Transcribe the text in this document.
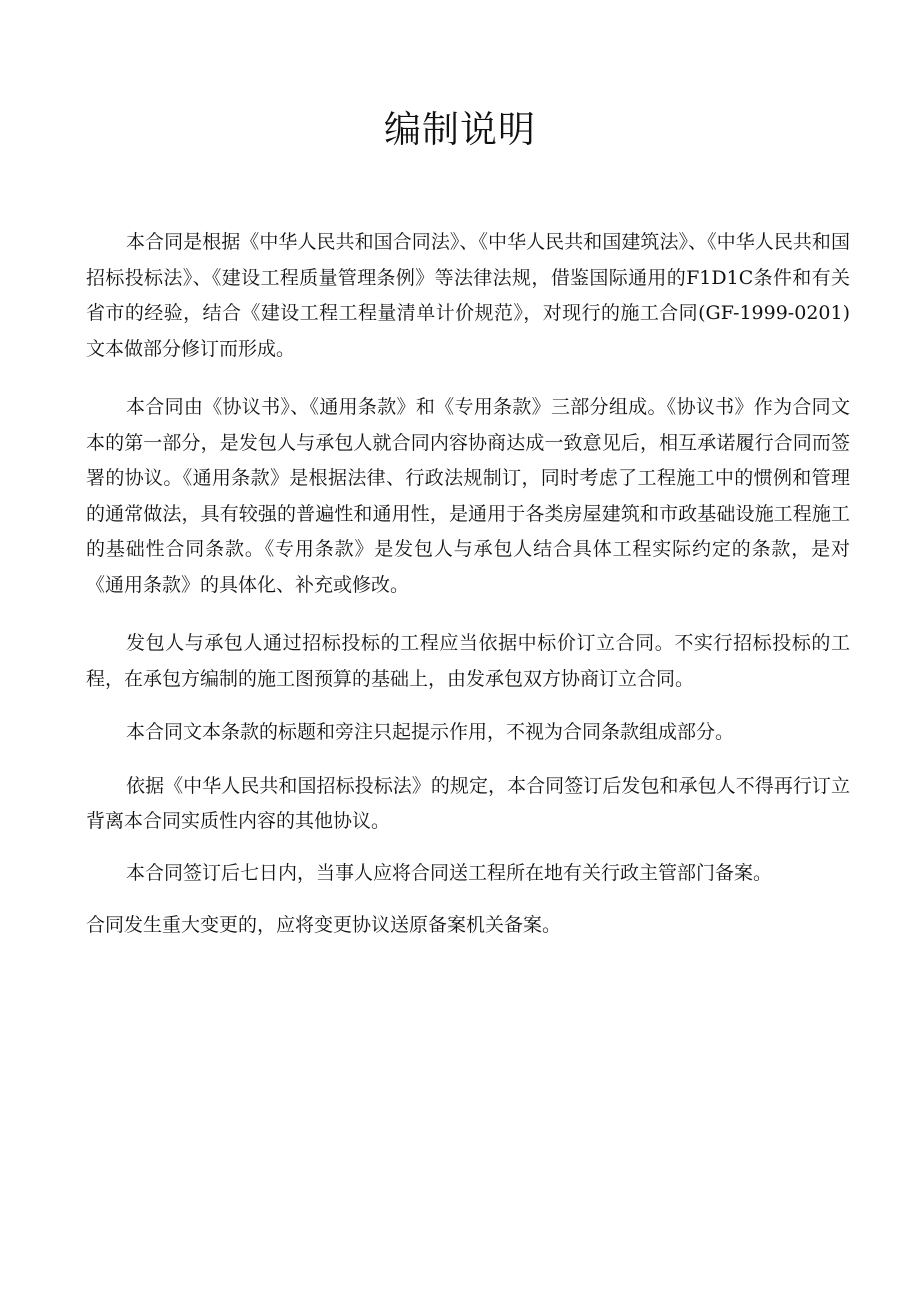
编制说明

本合同是根据《中华人民共和国合同法》、《中华人民共和国建筑法》、《中华人民共和国招标投标法》、《建设工程质量管理条例》等法律法规，借鉴国际通用的F1D1C条件和有关省市的经验，结合《建设工程工程量清单计价规范》，对现行的施工合同(GF-1999-0201)文本做部分修订而形成。

本合同由《协议书》、《通用条款》和《专用条款》三部分组成。《协议书》作为合同文本的第一部分，是发包人与承包人就合同内容协商达成一致意见后，相互承诺履行合同而签署的协议。《通用条款》是根据法律、行政法规制订，同时考虑了工程施工中的惯例和管理的通常做法，具有较强的普遍性和通用性，是通用于各类房屋建筑和市政基础设施工程施工的基础性合同条款。《专用条款》是发包人与承包人结合具体工程实际约定的条款，是对《通用条款》的具体化、补充或修改。

发包人与承包人通过招标投标的工程应当依据中标价订立合同。不实行招标投标的工程，在承包方编制的施工图预算的基础上，由发承包双方协商订立合同。

本合同文本条款的标题和旁注只起提示作用，不视为合同条款组成部分。

依据《中华人民共和国招标投标法》的规定，本合同签订后发包和承包人不得再行订立背离本合同实质性内容的其他协议。

本合同签订后七日内，当事人应将合同送工程所在地有关行政主管部门备案。

合同发生重大变更的，应将变更协议送原备案机关备案。
